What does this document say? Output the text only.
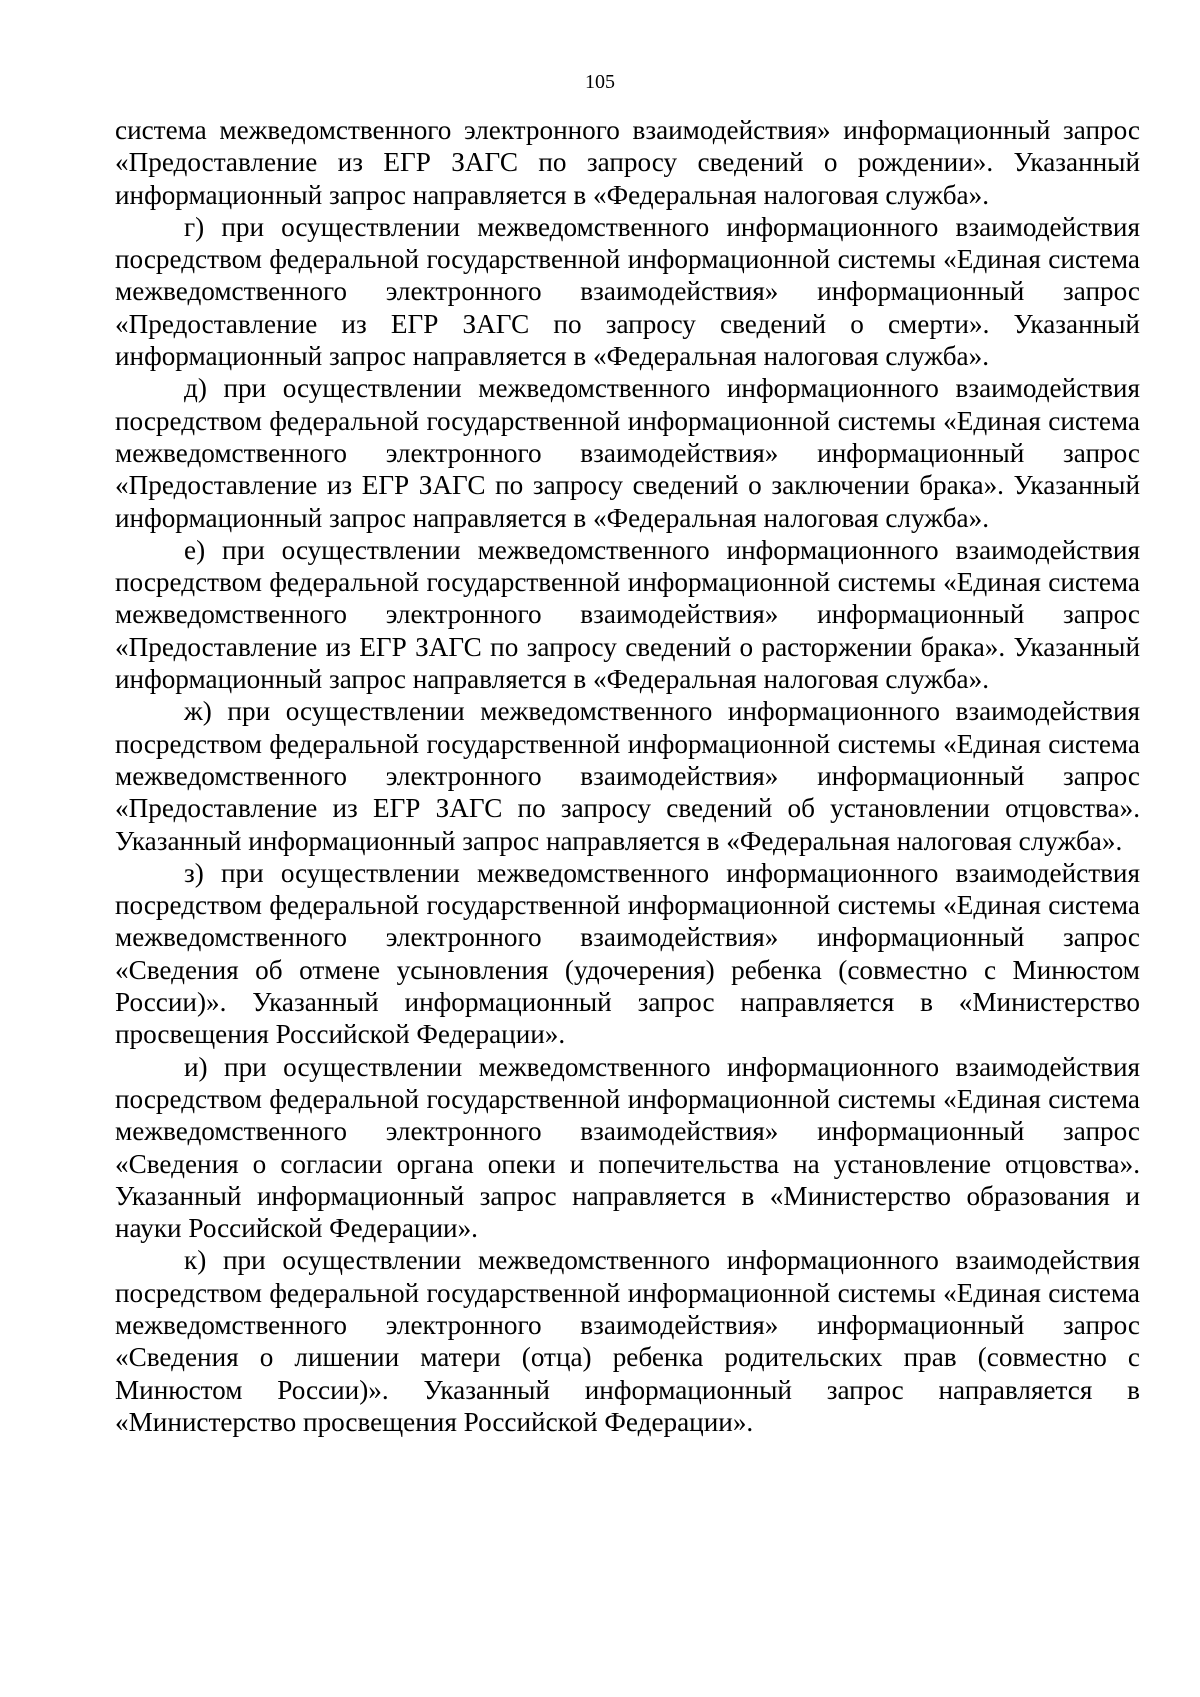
105

система межведомственного электронного взаимодействия» информационный запрос «Предоставление из ЕГР ЗАГС по запросу сведений о рождении». Указанный информационный запрос направляется в «Федеральная налоговая служба».

г) при осуществлении межведомственного информационного взаимодействия посредством федеральной государственной информационной системы «Единая система межведомственного электронного взаимодействия» информационный запрос «Предоставление из ЕГР ЗАГС по запросу сведений о смерти». Указанный информационный запрос направляется в «Федеральная налоговая служба».

д) при осуществлении межведомственного информационного взаимодействия посредством федеральной государственной информационной системы «Единая система межведомственного электронного взаимодействия» информационный запрос «Предоставление из ЕГР ЗАГС по запросу сведений о заключении брака». Указанный информационный запрос направляется в «Федеральная налоговая служба».

е) при осуществлении межведомственного информационного взаимодействия посредством федеральной государственной информационной системы «Единая система межведомственного электронного взаимодействия» информационный запрос «Предоставление из ЕГР ЗАГС по запросу сведений о расторжении брака». Указанный информационный запрос направляется в «Федеральная налоговая служба».

ж) при осуществлении межведомственного информационного взаимодействия посредством федеральной государственной информационной системы «Единая система межведомственного электронного взаимодействия» информационный запрос «Предоставление из ЕГР ЗАГС по запросу сведений об установлении отцовства». Указанный информационный запрос направляется в «Федеральная налоговая служба».

з) при осуществлении межведомственного информационного взаимодействия посредством федеральной государственной информационной системы «Единая система межведомственного электронного взаимодействия» информационный запрос «Сведения об отмене усыновления (удочерения) ребенка (совместно с Минюстом России)». Указанный информационный запрос направляется в «Министерство просвещения Российской Федерации».

и) при осуществлении межведомственного информационного взаимодействия посредством федеральной государственной информационной системы «Единая система межведомственного электронного взаимодействия» информационный запрос «Сведения о согласии органа опеки и попечительства на установление отцовства». Указанный информационный запрос направляется в «Министерство образования и науки Российской Федерации».

к) при осуществлении межведомственного информационного взаимодействия посредством федеральной государственной информационной системы «Единая система межведомственного электронного взаимодействия» информационный запрос «Сведения о лишении матери (отца) ребенка родительских прав (совместно с Минюстом России)». Указанный информационный запрос направляется в «Министерство просвещения Российской Федерации».
